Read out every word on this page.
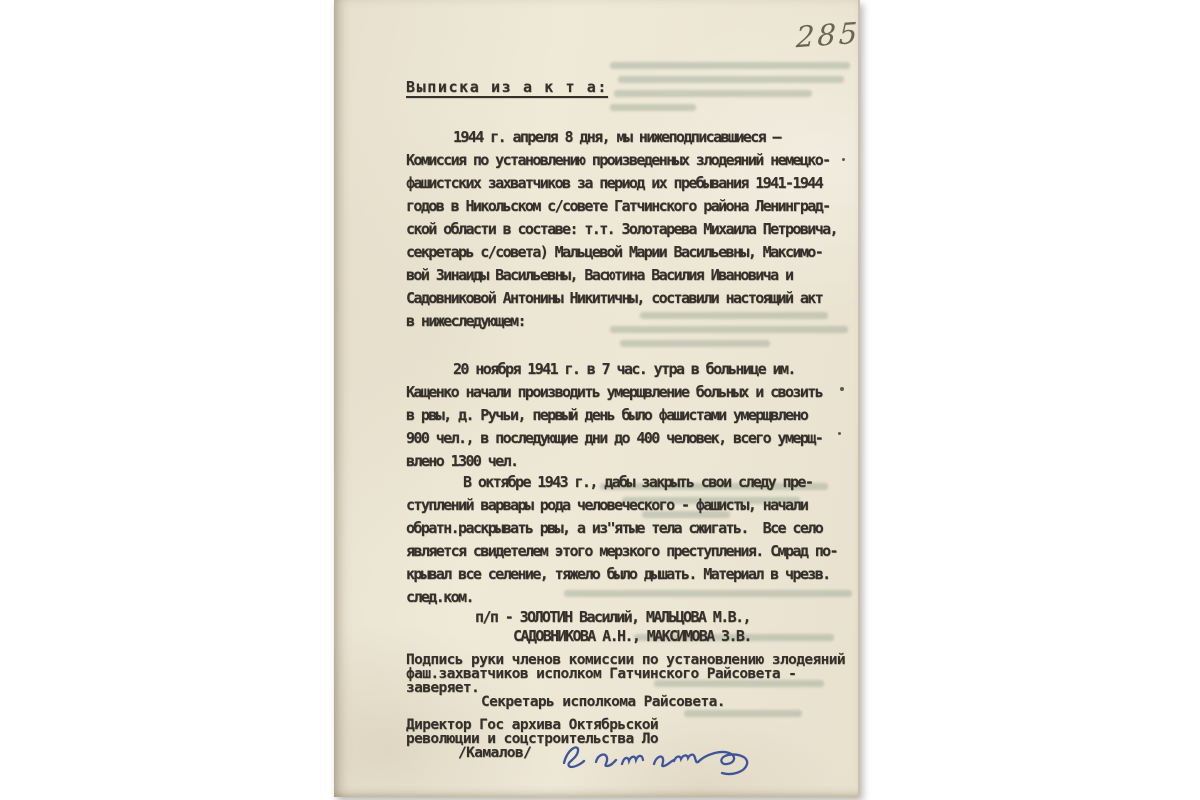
285
Выписка из а к т а:
1944 г. апреля 8 дня, мы нижеподписавшиеся –
Комиссия по установлению произведенных злодеяний немецко-
фашистских захватчиков за период их пребывания 1941-1944
годов в Никольском с/совете Гатчинского района Ленинград-
ской области в составе: т.т. Золотарева Михаила Петровича,
секретарь с/совета) Мальцевой Марии Васильевны, Максимо-
вой Зинаиды Васильевны, Васютина Василия Ивановича и
Садовниковой Антонины Никитичны, составили настоящий акт
в нижеследующем:
20 ноября 1941 г. в 7 час. утра в больнице им.
Кащенко начали производить умерщвление больных и свозить
в рвы, д. Ручьи, первый день было фашистами умерщвлено
900 чел., в последующие дни до 400 человек, всего умерщ-
влено 1300 чел.
В октябре 1943 г., дабы закрыть свои следу пре-
ступлений варвары рода человеческого - фашисты, начали
обратн.раскрывать рвы, а из"ятые тела сжигать.  Все село
является свидетелем этого мерзкого преступления. Смрад по-
крывал все селение, тяжело было дышать. Материал в чрезв.
след.ком.
п/п - ЗОЛОТИН Василий, МАЛЬЦОВА М.В.,
САДОВНИКОВА А.Н., МАКСИМОВА З.В.
Подпись руки членов комиссии по установлению злодеяний
фаш.захватчиков исполком Гатчинского Райсовета -
заверяет.
Секретарь исполкома Райсовета.
Директор Гос архива Октябрьской
революции и соцстроительства Ло
/Камалов/
